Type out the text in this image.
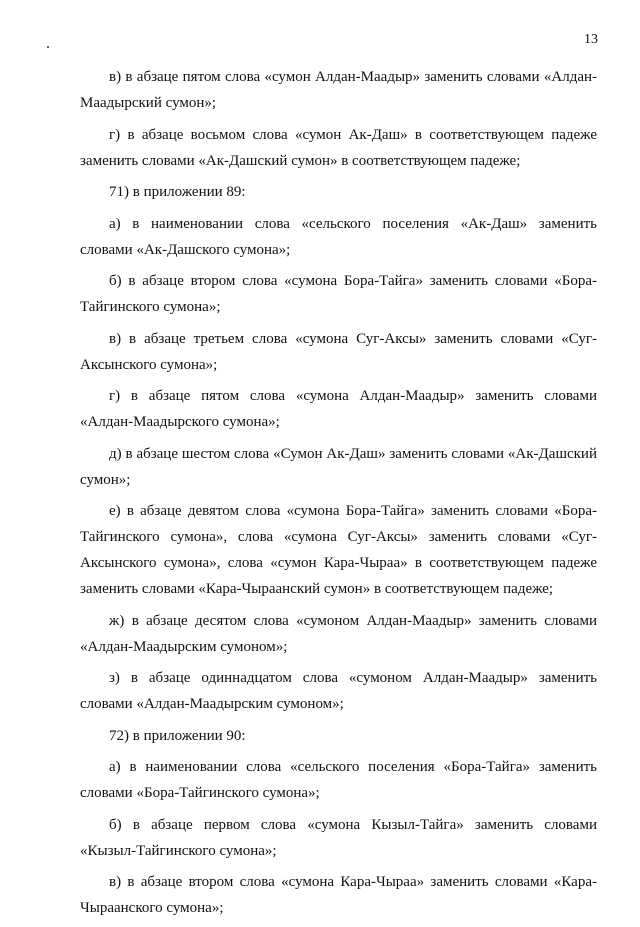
13

в) в абзаце пятом слова «сумон Алдан-Маадыр» заменить словами «Алдан-Маадырский сумон»;

г) в абзаце восьмом слова «сумон Ак-Даш» в соответствующем падеже заменить словами «Ак-Дашский сумон» в соответствующем падеже;

71) в приложении 89:

а) в наименовании слова «сельского поселения «Ак-Даш» заменить словами «Ак-Дашского сумона»;

б) в абзаце втором слова «сумона Бора-Тайга» заменить словами «Бора-Тайгинского сумона»;

в) в абзаце третьем слова «сумона Суг-Аксы» заменить словами «Суг-Аксынского сумона»;

г) в абзаце пятом слова «сумона Алдан-Маадыр» заменить словами «Алдан-Маадырского сумона»;

д) в абзаце шестом слова «Сумон Ак-Даш» заменить словами «Ак-Дашский сумон»;

е) в абзаце девятом слова «сумона Бора-Тайга» заменить словами «Бора-Тайгинского сумона», слова «сумона Суг-Аксы» заменить словами «Суг-Аксынского сумона», слова «сумон Кара-Чыраа» в соответствующем падеже заменить словами «Кара-Чыраанский сумон» в соответствующем падеже;

ж) в абзаце десятом слова «сумоном Алдан-Маадыр» заменить словами «Алдан-Маадырским сумоном»;

з) в абзаце одиннадцатом слова «сумоном Алдан-Маадыр» заменить словами «Алдан-Маадырским сумоном»;

72) в приложении 90:

а) в наименовании слова «сельского поселения «Бора-Тайга» заменить словами «Бора-Тайгинского сумона»;

б) в абзаце первом слова «сумона Кызыл-Тайга» заменить словами «Кызыл-Тайгинского сумона»;

в) в абзаце втором слова «сумона Кара-Чыраа» заменить словами «Кара-Чыраанского сумона»;
